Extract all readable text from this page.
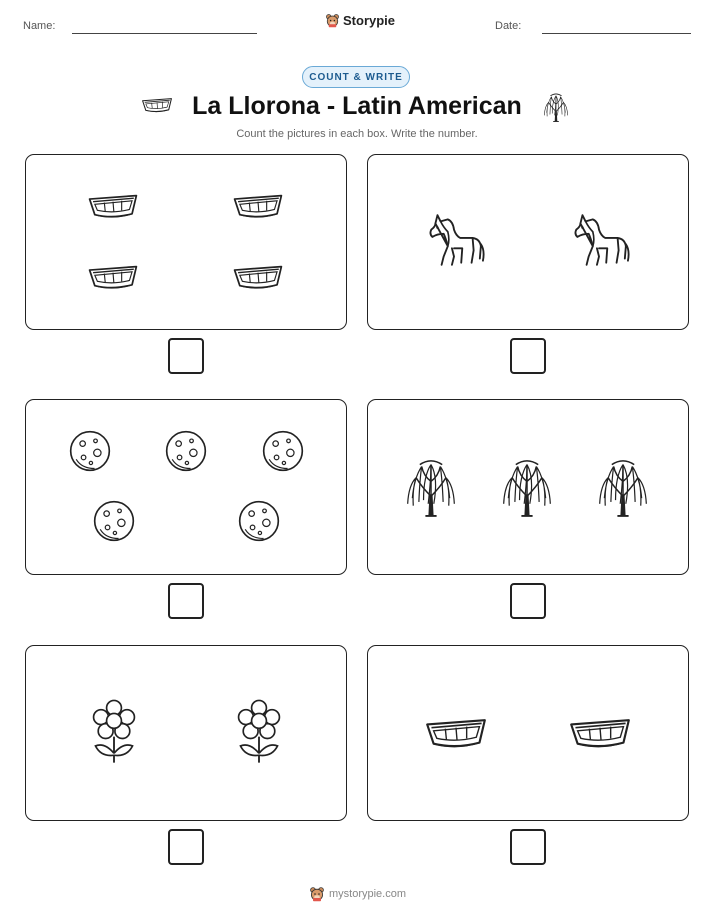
Name:	Storypie	Date:
COUNT & WRITE
La Llorona - Latin American
Count the pictures in each box. Write the number.
mystorypie.com
